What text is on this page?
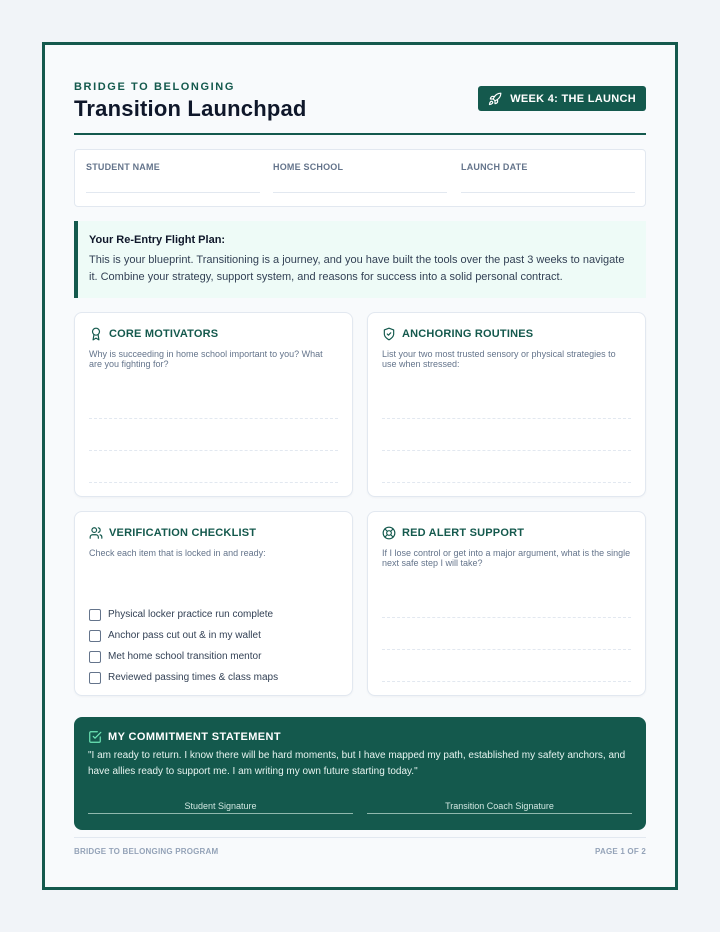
BRIDGE TO BELONGING
Transition Launchpad	WEEK 4: THE LAUNCH
STUDENT NAME	HOME SCHOOL	LAUNCH DATE
Your Re-Entry Flight Plan:
This is your blueprint. Transitioning is a journey, and you have built the tools over the past 3 weeks to navigate it. Combine your strategy, support system, and reasons for success into a solid personal contract.
CORE MOTIVATORS
Why is succeeding in home school important to you? What are you fighting for?
ANCHORING ROUTINES
List your two most trusted sensory or physical strategies to use when stressed:
VERIFICATION CHECKLIST
Check each item that is locked in and ready:
Physical locker practice run complete
Anchor pass cut out & in my wallet
Met home school transition mentor
Reviewed passing times & class maps
RED ALERT SUPPORT
If I lose control or get into a major argument, what is the single next safe step I will take?
MY COMMITMENT STATEMENT
"I am ready to return. I know there will be hard moments, but I have mapped my path, established my safety anchors, and have allies ready to support me. I am writing my own future starting today."
Student Signature	Transition Coach Signature
BRIDGE TO BELONGING PROGRAM	PAGE 1 OF 2
